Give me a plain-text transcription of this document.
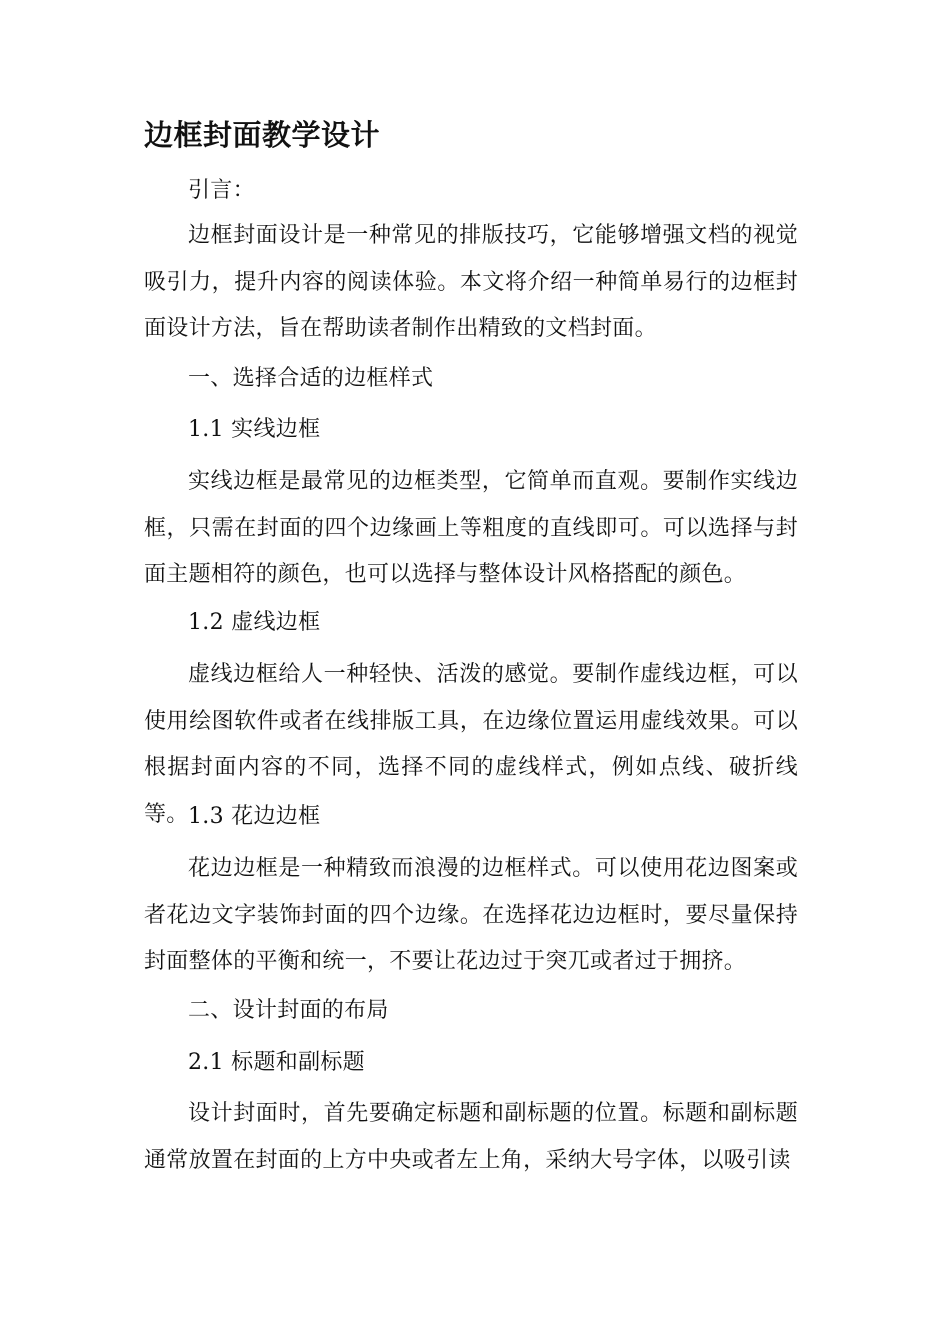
边框封面教学设计

引言：

边框封面设计是一种常见的排版技巧，它能够增强文档的视觉吸引力，提升内容的阅读体验。本文将介绍一种简单易行的边框封面设计方法，旨在帮助读者制作出精致的文档封面。

一、选择合适的边框样式

1.1 实线边框

实线边框是最常见的边框类型，它简单而直观。要制作实线边框，只需在封面的四个边缘画上等粗度的直线即可。可以选择与封面主题相符的颜色，也可以选择与整体设计风格搭配的颜色。

1.2 虚线边框

虚线边框给人一种轻快、活泼的感觉。要制作虚线边框，可以使用绘图软件或者在线排版工具，在边缘位置运用虚线效果。可以根据封面内容的不同，选择不同的虚线样式，例如点线、破折线等。 1.3 花边边框

花边边框是一种精致而浪漫的边框样式。可以使用花边图案或者花边文字装饰封面的四个边缘。在选择花边边框时，要尽量保持封面整体的平衡和统一，不要让花边过于突兀或者过于拥挤。

二、设计封面的布局

2.1 标题和副标题

设计封面时，首先要确定标题和副标题的位置。标题和副标题通常放置在封面的上方中央或者左上角，采纳大号字体，以吸引读
